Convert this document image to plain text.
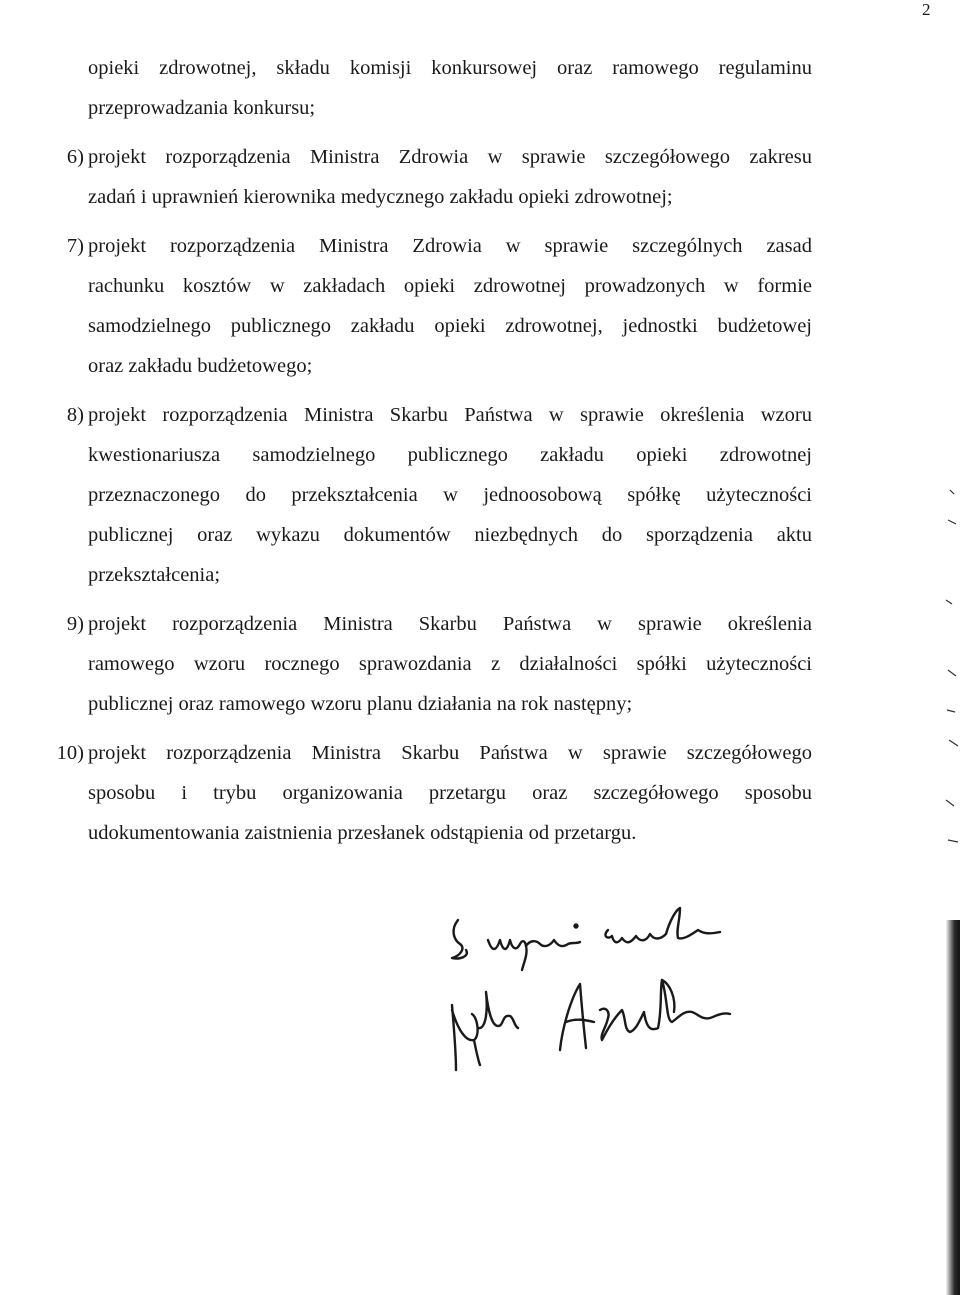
2
opieki zdrowotnej, składu komisji konkursowej oraz ramowego regulaminu
przeprowadzania konkursu;
6) projekt rozporządzenia Ministra Zdrowia w sprawie szczegółowego zakresu
zadań i uprawnień kierownika medycznego zakładu opieki zdrowotnej;
7) projekt rozporządzenia Ministra Zdrowia w sprawie szczególnych zasad
rachunku kosztów w zakładach opieki zdrowotnej prowadzonych w formie
samodzielnego publicznego zakładu opieki zdrowotnej, jednostki budżetowej
oraz zakładu budżetowego;
8) projekt rozporządzenia Ministra Skarbu Państwa w sprawie określenia wzoru
kwestionariusza samodzielnego publicznego zakładu opieki zdrowotnej
przeznaczonego do przekształcenia w jednoosobową spółkę użyteczności
publicznej oraz wykazu dokumentów niezbędnych do sporządzenia aktu
przekształcenia;
9) projekt rozporządzenia Ministra Skarbu Państwa w sprawie określenia
ramowego wzoru rocznego sprawozdania z działalności spółki użyteczności
publicznej oraz ramowego wzoru planu działania na rok następny;
10) projekt rozporządzenia Ministra Skarbu Państwa w sprawie szczegółowego
sposobu i trybu organizowania przetargu oraz szczegółowego sposobu
udokumentowania zaistnienia przesłanek odstąpienia od przetargu.
